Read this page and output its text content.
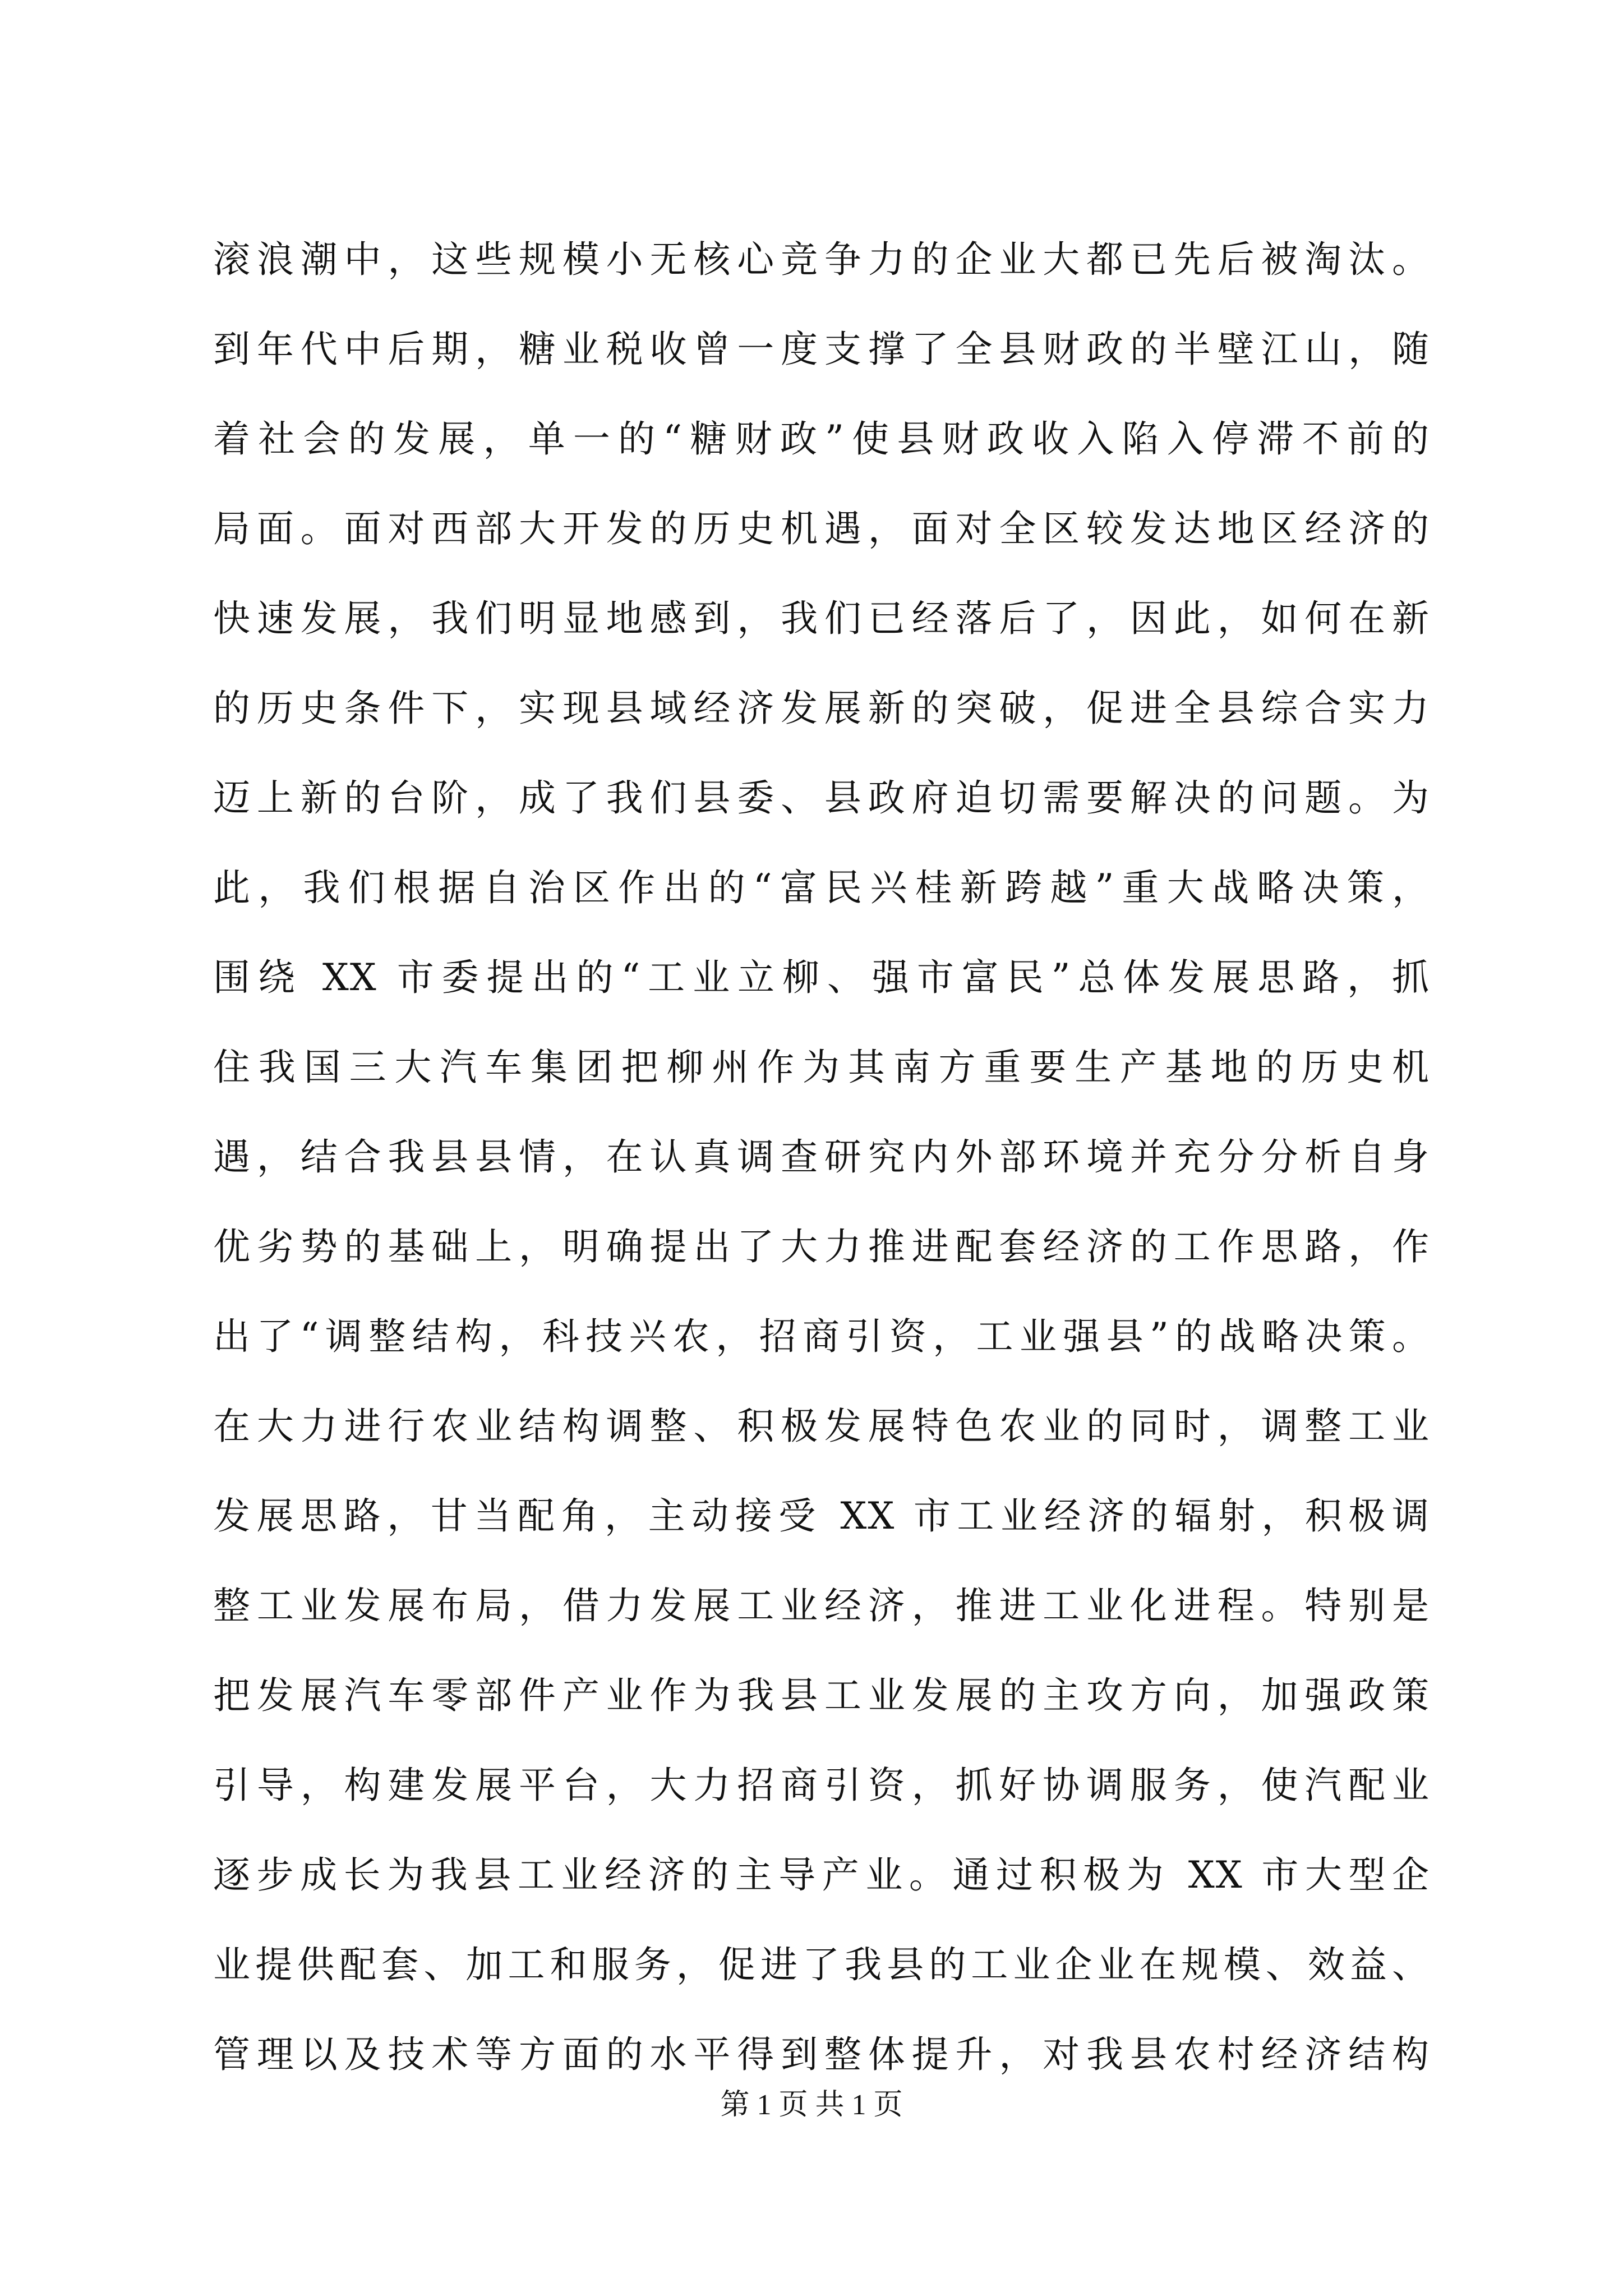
滚浪潮中，这些规模小无核心竞争力的企业大都已先后被淘汰。
到年代中后期，糖业税收曾一度支撑了全县财政的半壁江山，随
着社会的发展，单一的“糖财政”使县财政收入陷入停滞不前的
局面。面对西部大开发的历史机遇，面对全区较发达地区经济的
快速发展，我们明显地感到，我们已经落后了，因此，如何在新
的历史条件下，实现县域经济发展新的突破，促进全县综合实力
迈上新的台阶，成了我们县委、县政府迫切需要解决的问题。为
此，我们根据自治区作出的“富民兴桂新跨越”重大战略决策，
围绕 XX 市委提出的“工业立柳、强市富民”总体发展思路，抓
住我国三大汽车集团把柳州作为其南方重要生产基地的历史机
遇，结合我县县情，在认真调查研究内外部环境并充分分析自身
优劣势的基础上，明确提出了大力推进配套经济的工作思路，作
出了“调整结构，科技兴农，招商引资，工业强县”的战略决策。
在大力进行农业结构调整、积极发展特色农业的同时，调整工业
发展思路，甘当配角，主动接受 XX 市工业经济的辐射，积极调
整工业发展布局，借力发展工业经济，推进工业化进程。特别是
把发展汽车零部件产业作为我县工业发展的主攻方向，加强政策
引导，构建发展平台，大力招商引资，抓好协调服务，使汽配业
逐步成长为我县工业经济的主导产业。通过积极为 XX 市大型企
业提供配套、加工和服务，促进了我县的工业企业在规模、效益、
管理以及技术等方面的水平得到整体提升，对我县农村经济结构
第 1 页 共 1 页
